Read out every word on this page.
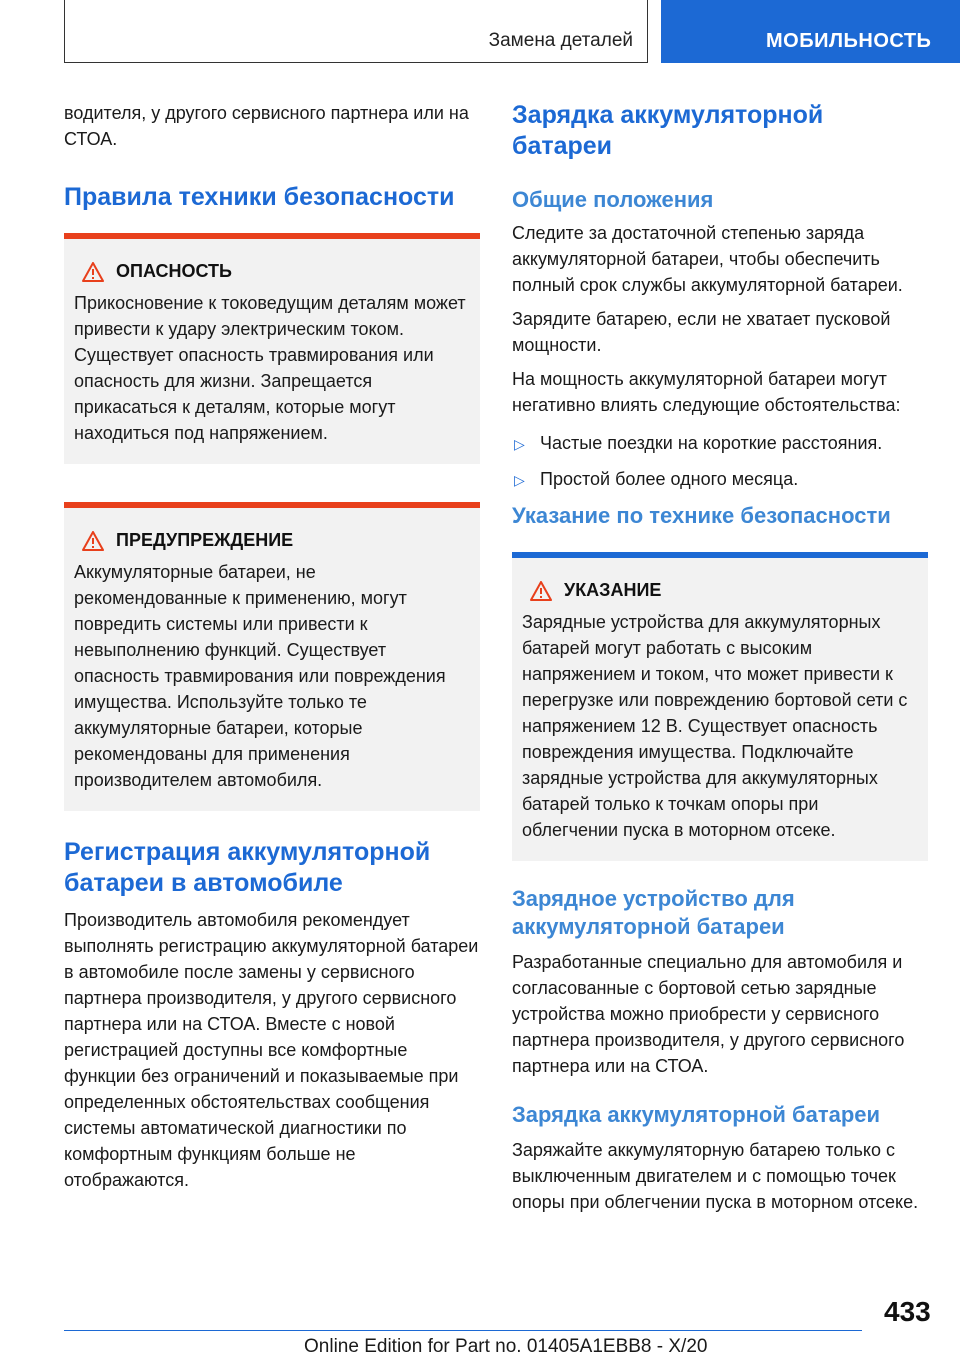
Замена деталей	МОБИЛЬНОСТЬ

водителя, у другого сервисного партнера или на СТОА.

Правила техники безопасности
ОПАСНОСТЬ

Прикосновение к токоведущим деталям может привести к удару электрическим током. Существует опасность травмирования или опасность для жизни. Запрещается прикасаться к деталям, которые могут находиться под напряжением.

ПРЕДУПРЕЖДЕНИЕ

Аккумуляторные батареи, не рекомендованные к применению, могут повредить системы или привести к невыполнению функций. Существует опасность травмирования или повреждения имущества. Используйте только те аккумуляторные батареи, которые рекомендованы для применения производителем автомобиля.

Регистрация аккумуляторной батареи в автомобиле

Производитель автомобиля рекомендует выполнять регистрацию аккумуляторной батареи в автомобиле после замены у сервисного партнера производителя, у другого сервисного партнера или на СТОА. Вместе с новой регистрацией доступны все комфортные функции без ограничений и показываемые при определенных обстоятельствах сообщения системы автоматической диагностики по комфортным функциям больше не отображаются.

Зарядка аккумуляторной батареи
Общие положения

Следите за достаточной степенью заряда аккумуляторной батареи, чтобы обеспечить полный срок службы аккумуляторной батареи.

Зарядите батарею, если не хватает пусковой мощности.

На мощность аккумуляторной батареи могут негативно влиять следующие обстоятельства:

▷ Частые поездки на короткие расстояния.
▷ Простой более одного месяца.
Указание по технике безопасности
УКАЗАНИЕ

Зарядные устройства для аккумуляторных батарей могут работать с высоким напряжением и током, что может привести к перегрузке или повреждению бортовой сети с напряжением 12 В. Существует опасность повреждения имущества. Подключайте зарядные устройства для аккумуляторных батарей только к точкам опоры при облегчении пуска в моторном отсеке.

Зарядное устройство для аккумуляторной батареи

Разработанные специально для автомобиля и согласованные с бортовой сетью зарядные устройства можно приобрести у сервисного партнера производителя, у другого сервисного партнера или на СТОА.

Зарядка аккумуляторной батареи

Заряжайте аккумуляторную батарею только с выключенным двигателем и с помощью точек опоры при облегчении пуска в моторном отсеке.

433
Online Edition for Part no. 01405A1EBB8 - X/20
